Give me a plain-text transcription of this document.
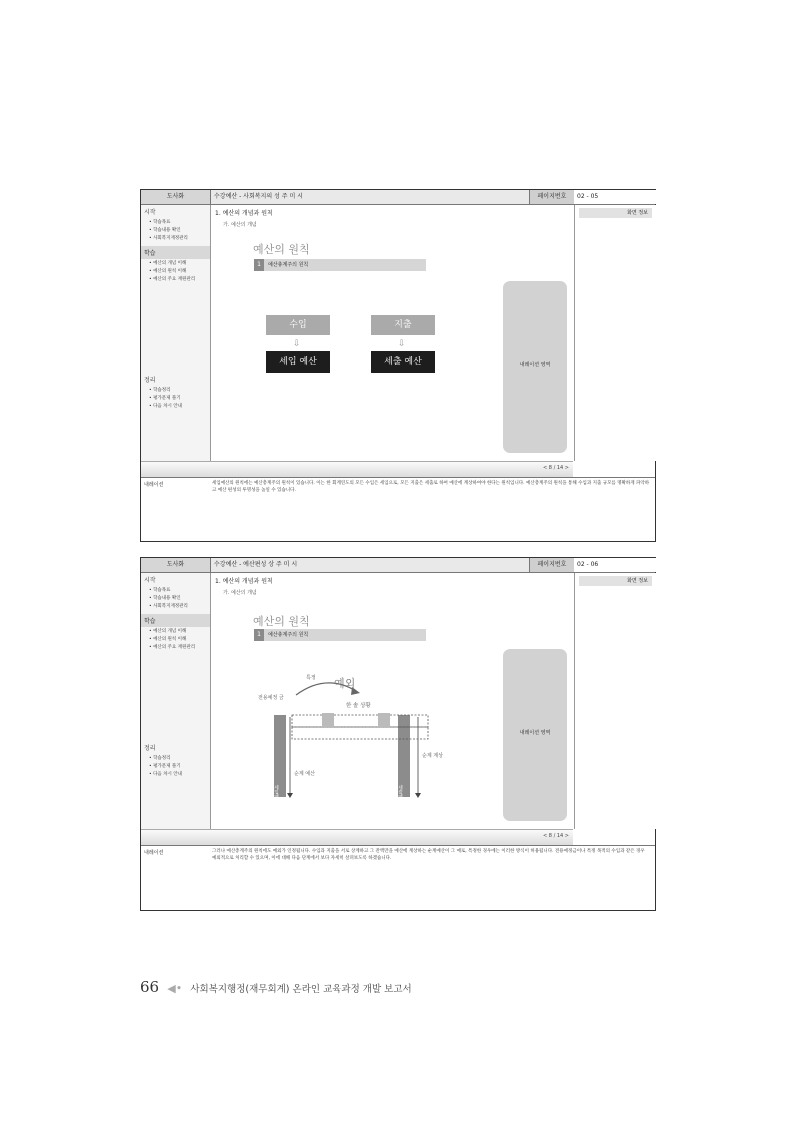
도사화	수강예산 - 사회복지의 성 주 미 시	페이지번호	02 - 05
시작
• 학습목표
• 학습내용 확인
• 사회복지재정관리
학습
• 예산의 개념 이해
• 예산의 원칙 이해
• 예산의 주요 재원관리
정리
• 학습정리
• 평가문제 풀기
• 다음 차시 안내
1. 예산의 개념과 원칙
가. 예산의 개념
예산의 원칙
1 예산총계주의 원칙
수입	지출
⇩	⇩
세입 예산	세출 예산
화면 정보
내레이션 영역
< 8 / 14 >
내레이션	세입예산의 원칙에는 예산총계주의 원칙이 있습니다. 이는 한 회계연도의 모든 수입은 세입으로, 모든 지출은 세출로 하여 예산에 계상하여야 한다는 원칙입니다. 예산총계주의 원칙을 통해 수입과 지출 규모를 명확하게 파악하고 예산 편성의 투명성을 높일 수 있습니다.
도사화	수강예산 - 예산편성 상 주 미 시	페이지번호	02 - 06
시작
• 학습목표
• 학습내용 확인
• 사회복지재정관리
학습
• 예산의 개념 이해
• 예산의 원칙 이해
• 예산의 주요 재원관리
정리
• 학습정리
• 평가문제 풀기
• 다음 차시 안내
1. 예산의 개념과 원칙
가. 예산의 개념
예산의 원칙
1 예산총계주의 원칙
예외
특정
전용예정 금
한 솔 상황
세입예산	세출예산
순계 예산
순계 계상
화면 정보
내레이션 영역
< 8 / 14 >
내레이션	그러나 예산총계주의 원칙에도 예외가 인정됩니다. 수입과 지출을 서로 상계하고 그 잔액만을 예산에 계상하는 순계예산이 그 예로, 특정한 경우에는 이러한 방식이 허용됩니다. 전용예정금이나 특정 목적의 수입과 같은 경우 예외적으로 처리할 수 있으며, 이에 대해 다음 단계에서 보다 자세히 살펴보도록 하겠습니다.
66 ◀• 사회복지행정(재무회계) 온라인 교육과정 개발 보고서
